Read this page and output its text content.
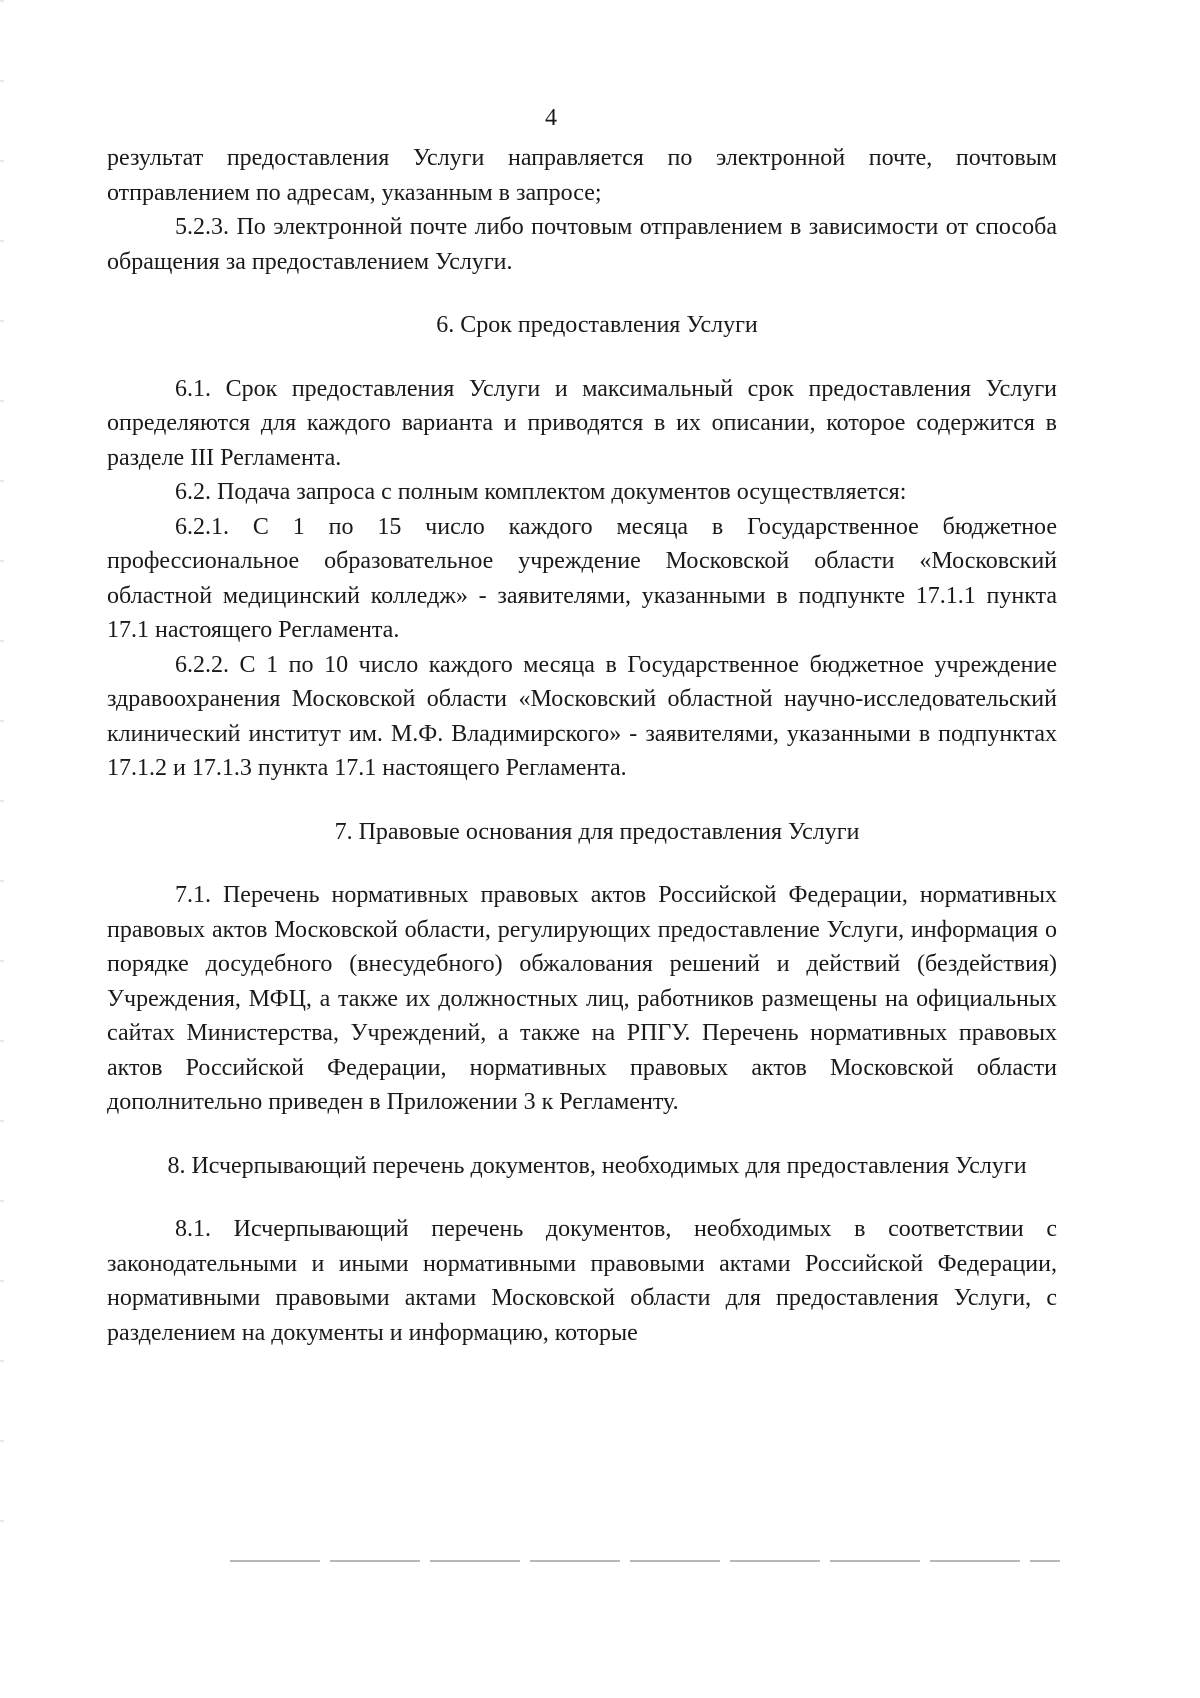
4

результат предоставления Услуги направляется по электронной почте, почтовым отправлением по адресам, указанным в запросе;

5.2.3. По электронной почте либо почтовым отправлением в зависимости от способа обращения за предоставлением Услуги.

6. Срок предоставления Услуги

6.1. Срок предоставления Услуги и максимальный срок предоставления Услуги определяются для каждого варианта и приводятся в их описании, которое содержится в разделе III Регламента.

6.2. Подача запроса с полным комплектом документов осуществляется:

6.2.1. С 1 по 15 число каждого месяца в Государственное бюджетное профессиональное образовательное учреждение Московской области «Московский областной медицинский колледж» - заявителями, указанными в подпункте 17.1.1 пункта 17.1 настоящего Регламента.

6.2.2. С 1 по 10 число каждого месяца в Государственное бюджетное учреждение здравоохранения Московской области «Московский областной научно-исследовательский клинический институт им. М.Ф. Владимирского» - заявителями, указанными в подпунктах 17.1.2 и 17.1.3 пункта 17.1 настоящего Регламента.

7. Правовые основания для предоставления Услуги

7.1. Перечень нормативных правовых актов Российской Федерации, нормативных правовых актов Московской области, регулирующих предоставление Услуги, информация о порядке досудебного (внесудебного) обжалования решений и действий (бездействия) Учреждения, МФЦ, а также их должностных лиц, работников размещены на официальных сайтах Министерства, Учреждений, а также на РПГУ. Перечень нормативных правовых актов Российской Федерации, нормативных правовых актов Московской области дополнительно приведен в Приложении 3 к Регламенту.

8. Исчерпывающий перечень документов, необходимых для предоставления Услуги

8.1. Исчерпывающий перечень документов, необходимых в соответствии с законодательными и иными нормативными правовыми актами Российской Федерации, нормативными правовыми актами Московской области для предоставления Услуги, с разделением на документы и информацию, которые
